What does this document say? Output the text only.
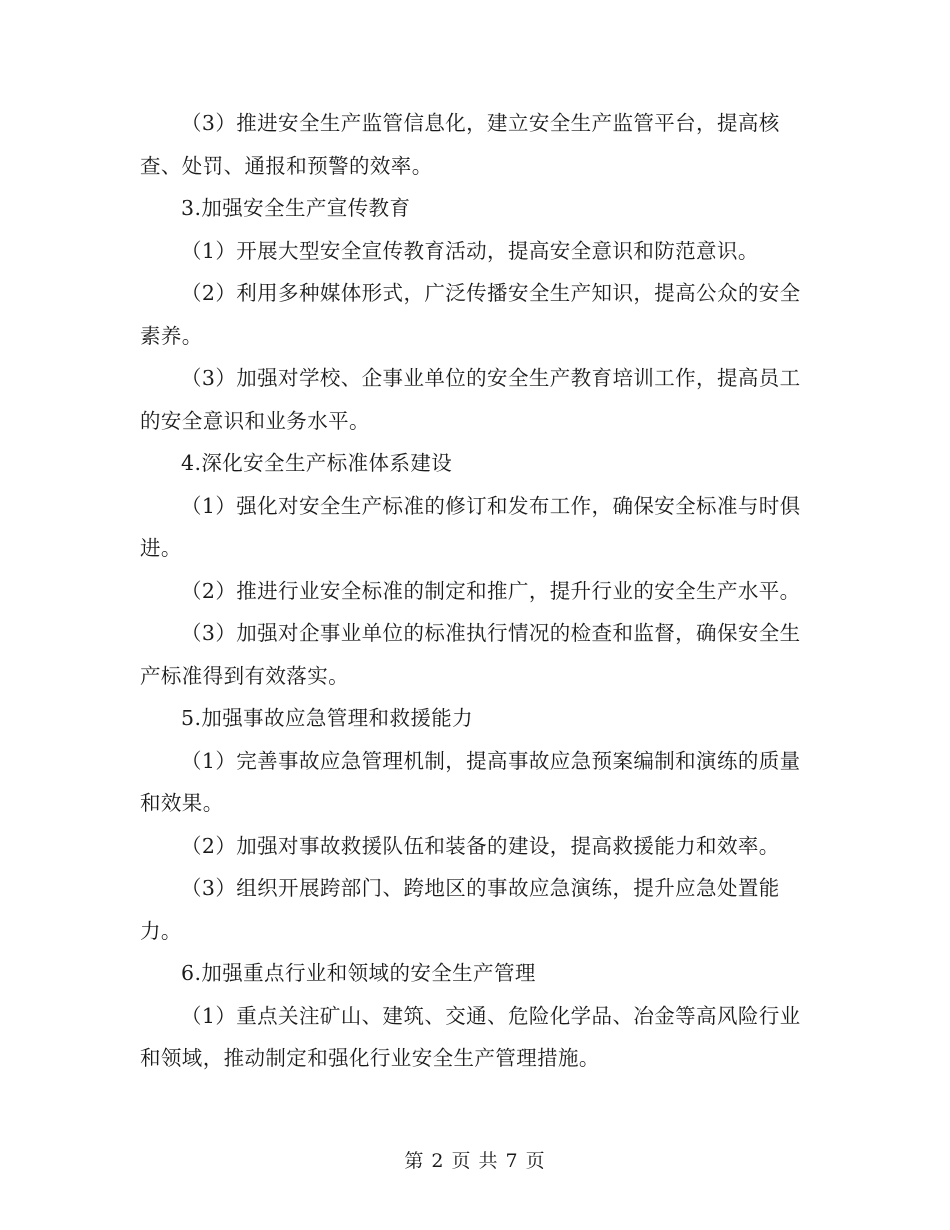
（3）推进安全生产监管信息化，建立安全生产监管平台，提高核查、处罚、通报和预警的效率。

3.加强安全生产宣传教育

（1）开展大型安全宣传教育活动，提高安全意识和防范意识。

（2）利用多种媒体形式，广泛传播安全生产知识，提高公众的安全素养。

（3）加强对学校、企事业单位的安全生产教育培训工作，提高员工的安全意识和业务水平。

4.深化安全生产标准体系建设

（1）强化对安全生产标准的修订和发布工作，确保安全标准与时俱进。

（2）推进行业安全标准的制定和推广，提升行业的安全生产水平。

（3）加强对企事业单位的标准执行情况的检查和监督，确保安全生产标准得到有效落实。

5.加强事故应急管理和救援能力

（1）完善事故应急管理机制，提高事故应急预案编制和演练的质量和效果。

（2）加强对事故救援队伍和装备的建设，提高救援能力和效率。

（3）组织开展跨部门、跨地区的事故应急演练，提升应急处置能力。

6.加强重点行业和领域的安全生产管理

（1）重点关注矿山、建筑、交通、危险化学品、冶金等高风险行业和领域，推动制定和强化行业安全生产管理措施。

第 2 页 共 7 页
